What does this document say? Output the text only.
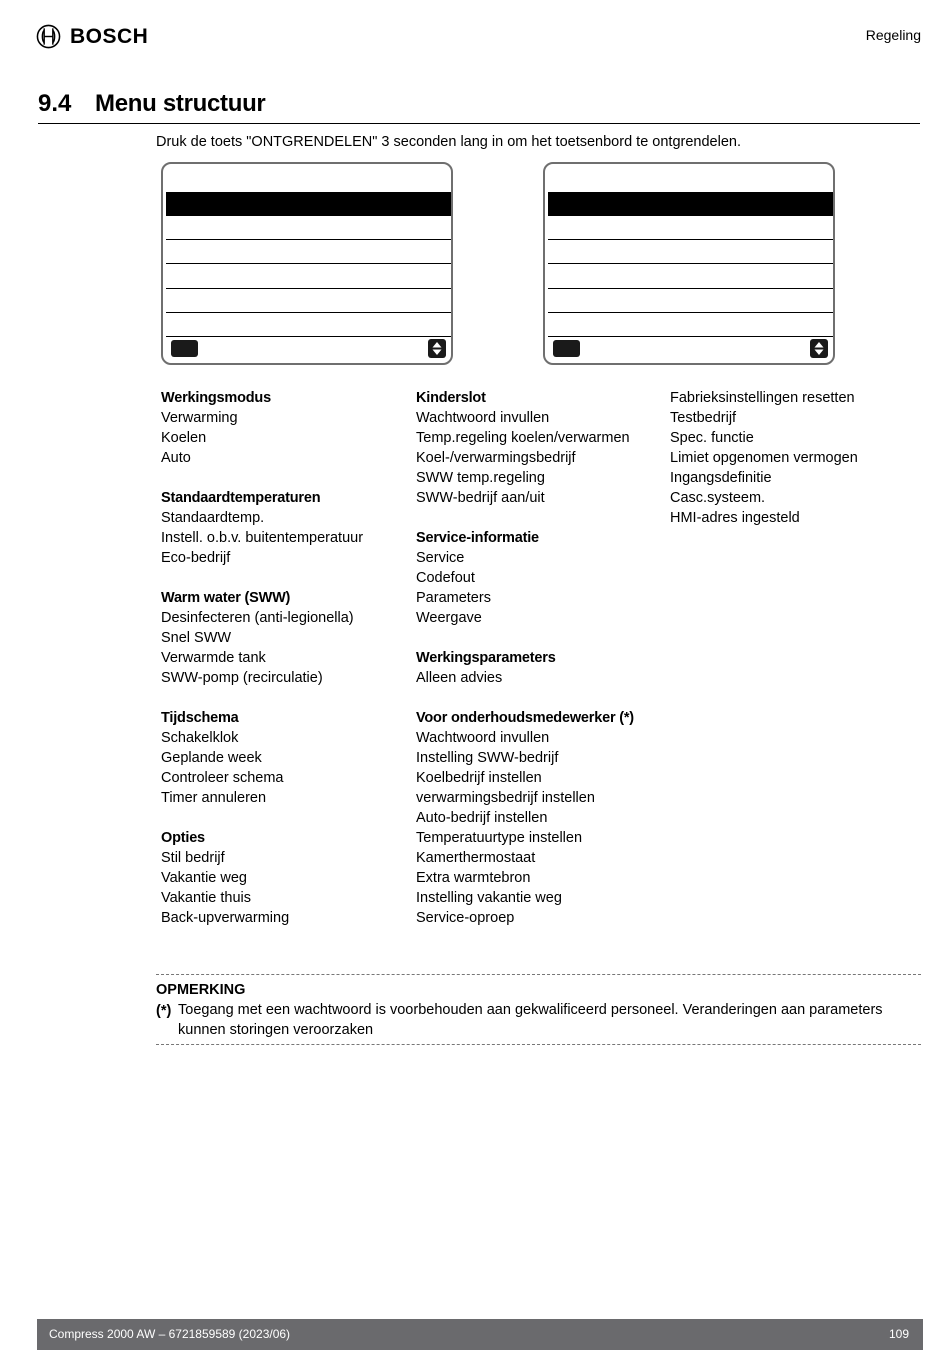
BOSCH	Regeling
9.4 Menu structuur
Druk de toets "ONTGRENDELEN" 3 seconden lang in om het toetsenbord te ontgrendelen.
Werkingsmodus
Verwarming
Koelen
Auto
Standaardtemperaturen
Standaardtemp.
Instell. o.b.v. buitentemperatuur
Eco-bedrijf
Warm water (SWW)
Desinfecteren (anti-legionella)
Snel SWW
Verwarmde tank
SWW-pomp (recirculatie)
Tijdschema
Schakelklok
Geplande week
Controleer schema
Timer annuleren
Opties
Stil bedrijf
Vakantie weg
Vakantie thuis
Back-upverwarming
Kinderslot
Wachtwoord invullen
Temp.regeling koelen/verwarmen
Koel-/verwarmingsbedrijf
SWW temp.regeling
SWW-bedrijf aan/uit
Service-informatie
Service
Codefout
Parameters
Weergave
Werkingsparameters
Alleen advies
Voor onderhoudsmedewerker (*)
Wachtwoord invullen
Instelling SWW-bedrijf
Koelbedrijf instellen
verwarmingsbedrijf instellen
Auto-bedrijf instellen
Temperatuurtype instellen
Kamerthermostaat
Extra warmtebron
Instelling vakantie weg
Service-oproep
Fabrieksinstellingen resetten
Testbedrijf
Spec. functie
Limiet opgenomen vermogen
Ingangsdefinitie
Casc.systeem.
HMI-adres ingesteld
OPMERKING
(*) Toegang met een wachtwoord is voorbehouden aan gekwalificeerd personeel. Veranderingen aan parameters kunnen storingen veroorzaken
Compress 2000 AW – 6721859589 (2023/06)	109
